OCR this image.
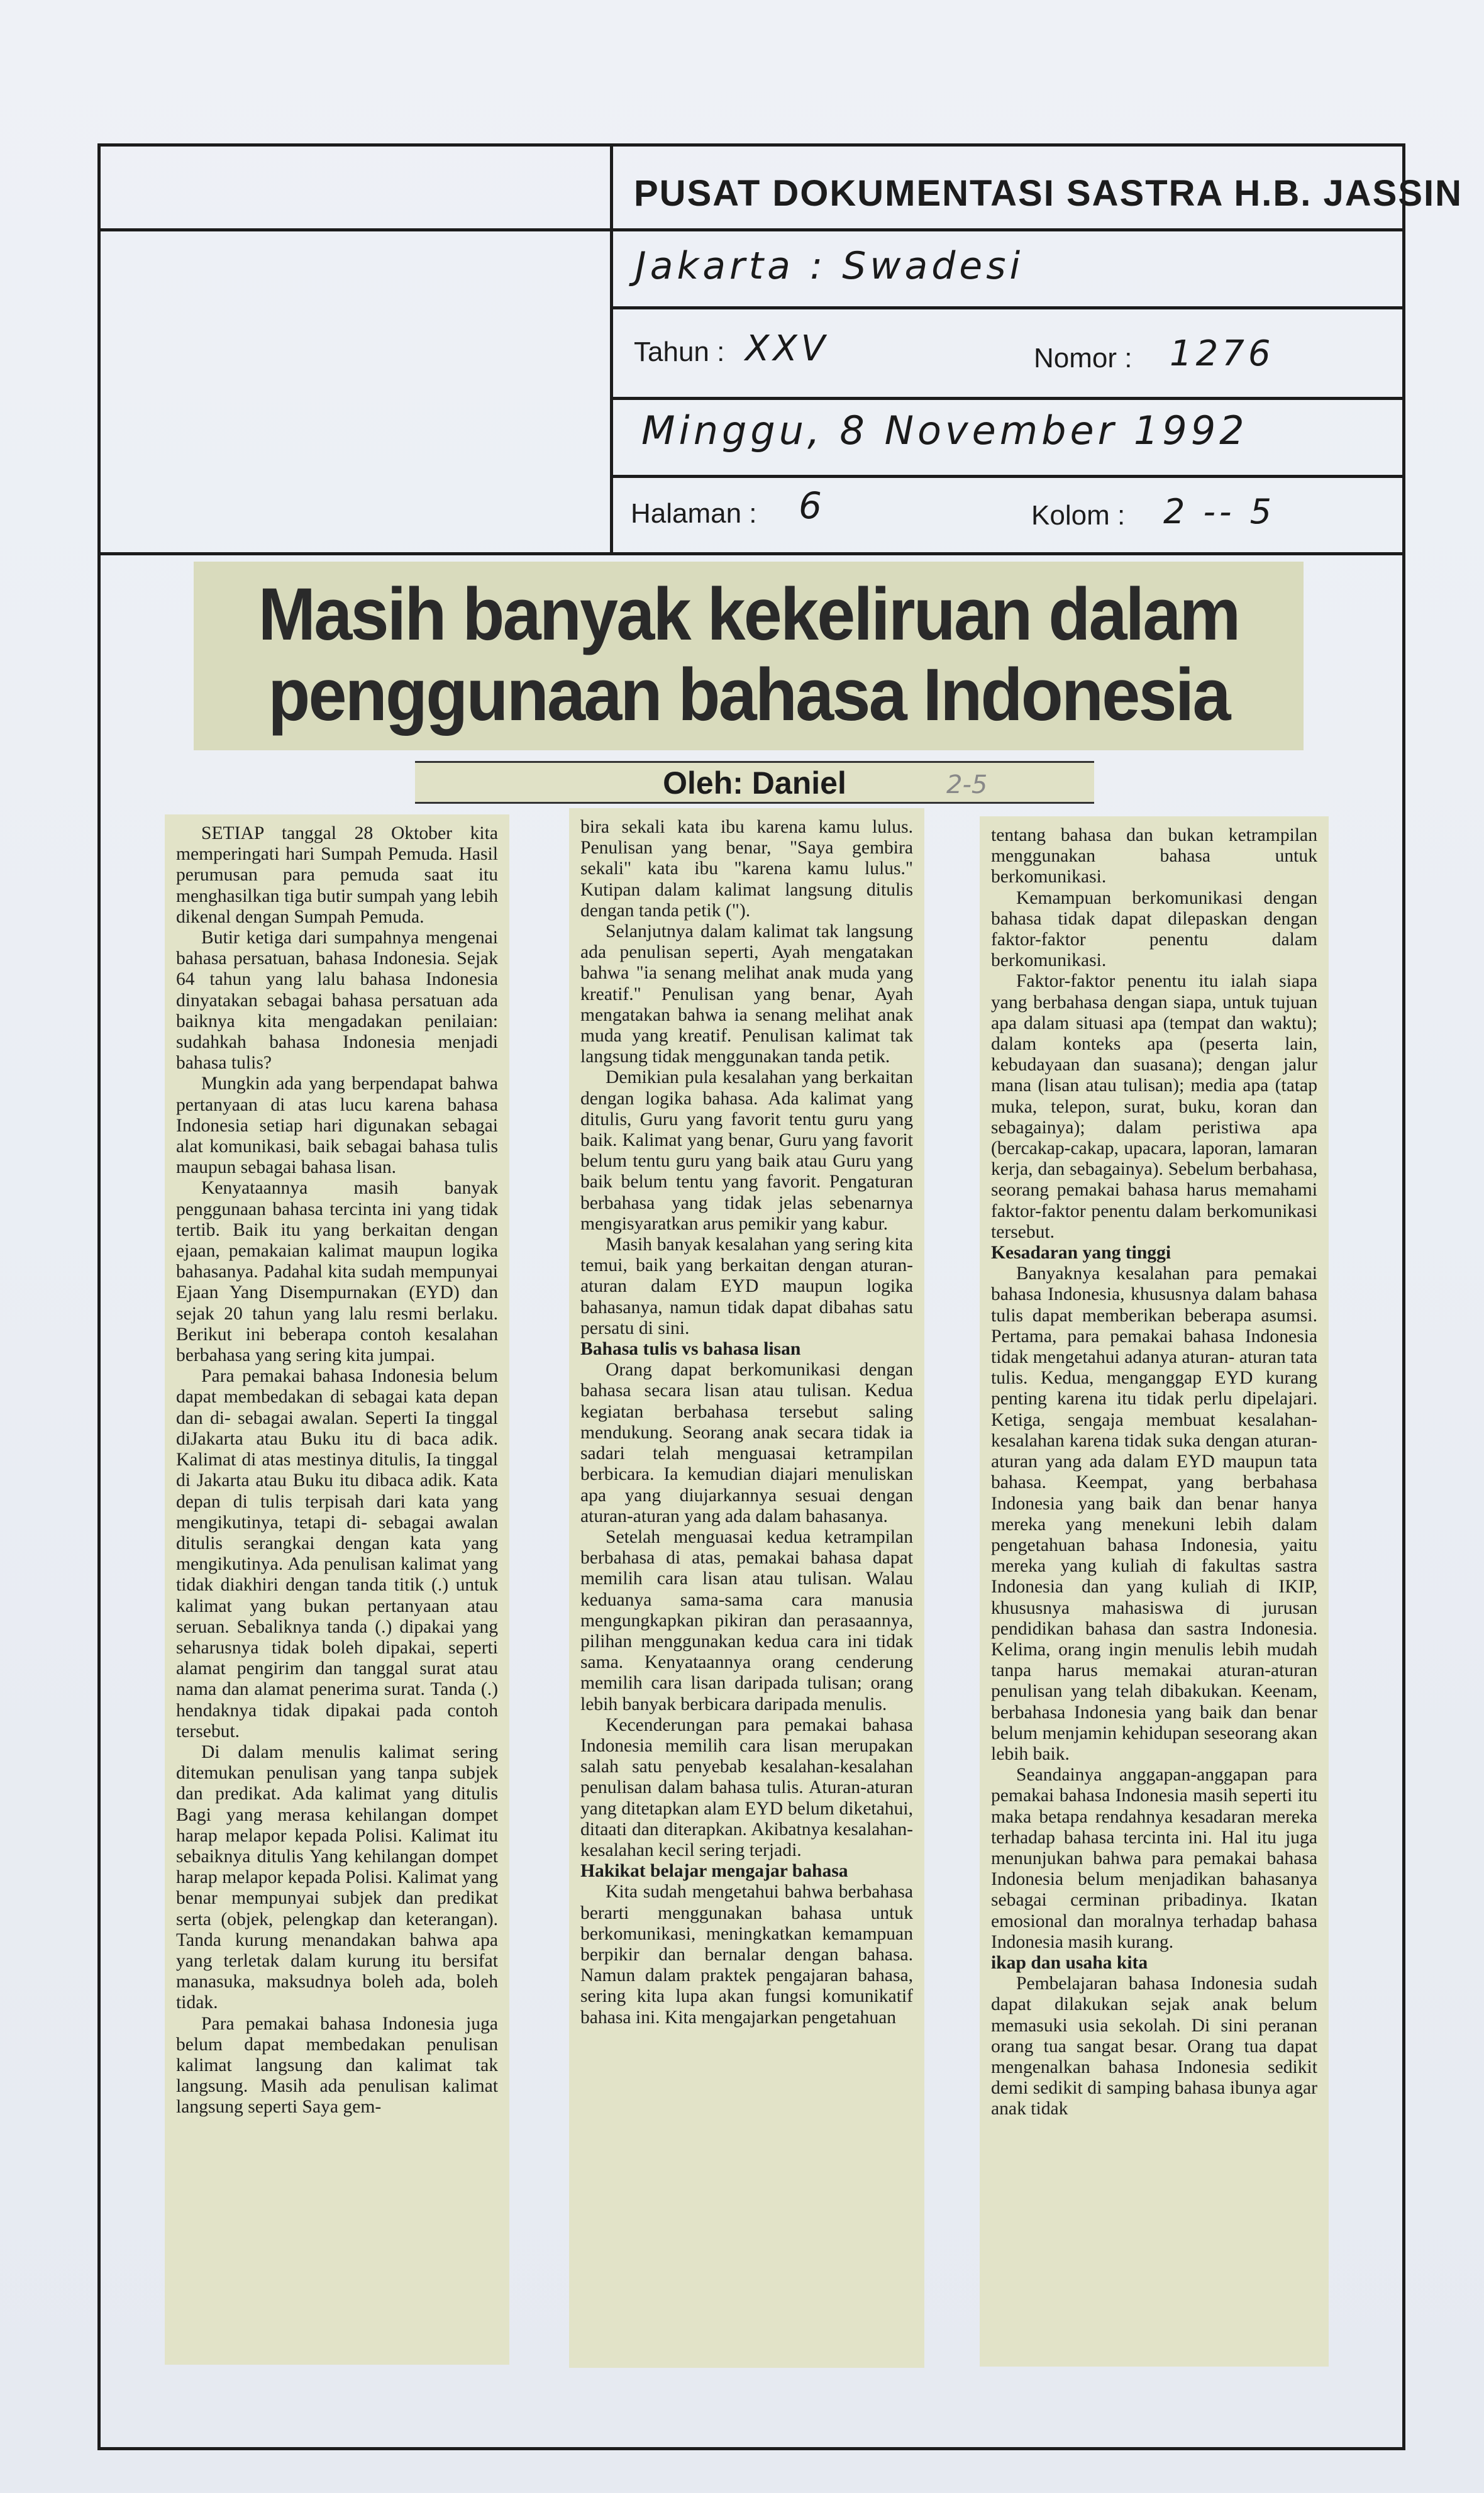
PUSAT DOKUMENTASI SASTRA H.B. JASSIN
Jakarta : Swadesi
Tahun : XXV	Nomor : 1276
Minggu, 8 November 1992
Halaman : 6	Kolom : 2 -- 5
Masih banyak kekeliruan dalam
penggunaan bahasa Indonesia
Oleh: Daniel	2-5

SETIAP tanggal 28 Oktober kita memperingati hari Sumpah Pemuda. Hasil perumusan para pemuda saat itu menghasilkan tiga butir sumpah yang lebih dikenal dengan Sumpah Pemuda.

Butir ketiga dari sumpahnya mengenai bahasa persatuan, bahasa Indonesia. Sejak 64 tahun yang lalu bahasa Indonesia dinyatakan sebagai bahasa persatuan ada baiknya kita mengadakan penilaian: sudahkah bahasa Indonesia menjadi bahasa tulis?

Mungkin ada yang berpendapat bahwa pertanyaan di atas lucu karena bahasa Indonesia setiap hari digunakan sebagai alat komunikasi, baik sebagai bahasa tulis maupun sebagai bahasa lisan.

Kenyataannya masih banyak penggunaan bahasa tercinta ini yang tidak tertib. Baik itu yang berkaitan dengan ejaan, pemakaian kalimat maupun logika bahasanya. Padahal kita sudah mempunyai Ejaan Yang Disempurnakan (EYD) dan sejak 20 tahun yang lalu resmi berlaku. Berikut ini beberapa contoh kesalahan berbahasa yang sering kita jumpai.

Para pemakai bahasa Indonesia belum dapat membedakan di sebagai kata depan dan di- sebagai awalan. Seperti Ia tinggal diJakarta atau Buku itu di baca adik. Kalimat di atas mestinya ditulis, Ia tinggal di Jakarta atau Buku itu dibaca adik. Kata depan di tulis terpisah dari kata yang mengikutinya, tetapi di- sebagai awalan ditulis serangkai dengan kata yang mengikutinya. Ada penulisan kalimat yang tidak diakhiri dengan tanda titik (.) untuk kalimat yang bukan pertanyaan atau seruan. Sebaliknya tanda (.) dipakai yang seharusnya tidak boleh dipakai, seperti alamat pengirim dan tanggal surat atau nama dan alamat penerima surat. Tanda (.) hendaknya tidak dipakai pada contoh tersebut.

Di dalam menulis kalimat sering ditemukan penulisan yang tanpa subjek dan predikat. Ada kalimat yang ditulis Bagi yang merasa kehilangan dompet harap melapor kepada Polisi. Kalimat itu sebaiknya ditulis Yang kehilangan dompet harap melapor kepada Polisi. Kalimat yang benar mempunyai subjek dan predikat serta (objek, pelengkap dan keterangan). Tanda kurung menandakan bahwa apa yang terletak dalam kurung itu bersifat manasuka, maksudnya boleh ada, boleh tidak.

Para pemakai bahasa Indonesia juga belum dapat membedakan penulisan kalimat langsung dan kalimat tak langsung. Masih ada penulisan kalimat langsung seperti Saya gem-

bira sekali kata ibu karena kamu lulus. Penulisan yang benar, "Saya gembira sekali" kata ibu "karena kamu lulus." Kutipan dalam kalimat langsung ditulis dengan tanda petik (").

Selanjutnya dalam kalimat tak langsung ada penulisan seperti, Ayah mengatakan bahwa "ia senang melihat anak muda yang kreatif." Penulisan yang benar, Ayah mengatakan bahwa ia senang melihat anak muda yang kreatif. Penulisan kalimat tak langsung tidak menggunakan tanda petik.

Demikian pula kesalahan yang berkaitan dengan logika bahasa. Ada kalimat yang ditulis, Guru yang favorit tentu guru yang baik. Kalimat yang benar, Guru yang favorit belum tentu guru yang baik atau Guru yang baik belum tentu yang favorit. Pengaturan berbahasa yang tidak jelas sebenarnya mengisyaratkan arus pemikir yang kabur.

Masih banyak kesalahan yang sering kita temui, baik yang berkaitan dengan aturan-aturan dalam EYD maupun logika bahasanya, namun tidak dapat dibahas satu persatu di sini.

Bahasa tulis vs bahasa lisan

Orang dapat berkomunikasi dengan bahasa secara lisan atau tulisan. Kedua kegiatan berbahasa tersebut saling mendukung. Seorang anak secara tidak ia sadari telah menguasai ketrampilan berbicara. Ia kemudian diajari menuliskan apa yang diujarkannya sesuai dengan aturan-aturan yang ada dalam bahasanya.

Setelah menguasai kedua ketrampilan berbahasa di atas, pemakai bahasa dapat memilih cara lisan atau tulisan. Walau keduanya sama-sama cara manusia mengungkapkan pikiran dan perasaannya, pilihan menggunakan kedua cara ini tidak sama. Kenyataannya orang cenderung memilih cara lisan daripada tulisan; orang lebih banyak berbicara daripada menulis.

Kecenderungan para pemakai bahasa Indonesia memilih cara lisan merupakan salah satu penyebab kesalahan-kesalahan penulisan dalam bahasa tulis. Aturan-aturan yang ditetapkan alam EYD belum diketahui, ditaati dan diterapkan. Akibatnya kesalahan-kesalahan kecil sering terjadi.

Hakikat belajar mengajar bahasa

Kita sudah mengetahui bahwa berbahasa berarti menggunakan bahasa untuk berkomunikasi, meningkatkan kemampuan berpikir dan bernalar dengan bahasa. Namun dalam praktek pengajaran bahasa, sering kita lupa akan fungsi komunikatif bahasa ini. Kita mengajarkan pengetahuan

tentang bahasa dan bukan ketrampilan menggunakan bahasa untuk berkomunikasi.

Kemampuan berkomunikasi dengan bahasa tidak dapat dilepaskan dengan faktor-faktor penentu dalam berkomunikasi.

Faktor-faktor penentu itu ialah siapa yang berbahasa dengan siapa, untuk tujuan apa dalam situasi apa (tempat dan waktu); dalam konteks apa (peserta lain, kebudayaan dan suasana); dengan jalur mana (lisan atau tulisan); media apa (tatap muka, telepon, surat, buku, koran dan sebagainya); dalam peristiwa apa (bercakap-cakap, upacara, laporan, lamaran kerja, dan sebagainya). Sebelum berbahasa, seorang pemakai bahasa harus memahami faktor-faktor penentu dalam berkomunikasi tersebut.

Kesadaran yang tinggi

Banyaknya kesalahan para pemakai bahasa Indonesia, khususnya dalam bahasa tulis dapat memberikan beberapa asumsi. Pertama, para pemakai bahasa Indonesia tidak mengetahui adanya aturan- aturan tata tulis. Kedua, menganggap EYD kurang penting karena itu tidak perlu dipelajari. Ketiga, sengaja membuat kesalahan- kesalahan karena tidak suka dengan aturan-aturan yang ada dalam EYD maupun tata bahasa. Keempat, yang berbahasa Indonesia yang baik dan benar hanya mereka yang menekuni lebih dalam pengetahuan bahasa Indonesia, yaitu mereka yang kuliah di fakultas sastra Indonesia dan yang kuliah di IKIP, khususnya mahasiswa di jurusan pendidikan bahasa dan sastra Indonesia. Kelima, orang ingin menulis lebih mudah tanpa harus memakai aturan-aturan penulisan yang telah dibakukan. Keenam, berbahasa Indonesia yang baik dan benar belum menjamin kehidupan seseorang akan lebih baik.

Seandainya anggapan-anggapan para pemakai bahasa Indonesia masih seperti itu maka betapa rendahnya kesadaran mereka terhadap bahasa tercinta ini. Hal itu juga menunjukan bahwa para pemakai bahasa Indonesia belum menjadikan bahasanya sebagai cerminan pribadinya. Ikatan emosional dan moralnya terhadap bahasa Indonesia masih kurang.

ikap dan usaha kita

Pembelajaran bahasa Indonesia sudah dapat dilakukan sejak anak belum memasuki usia sekolah. Di sini peranan orang tua sangat besar. Orang tua dapat mengenalkan bahasa Indonesia sedikit demi sedikit di samping bahasa ibunya agar anak tidak
